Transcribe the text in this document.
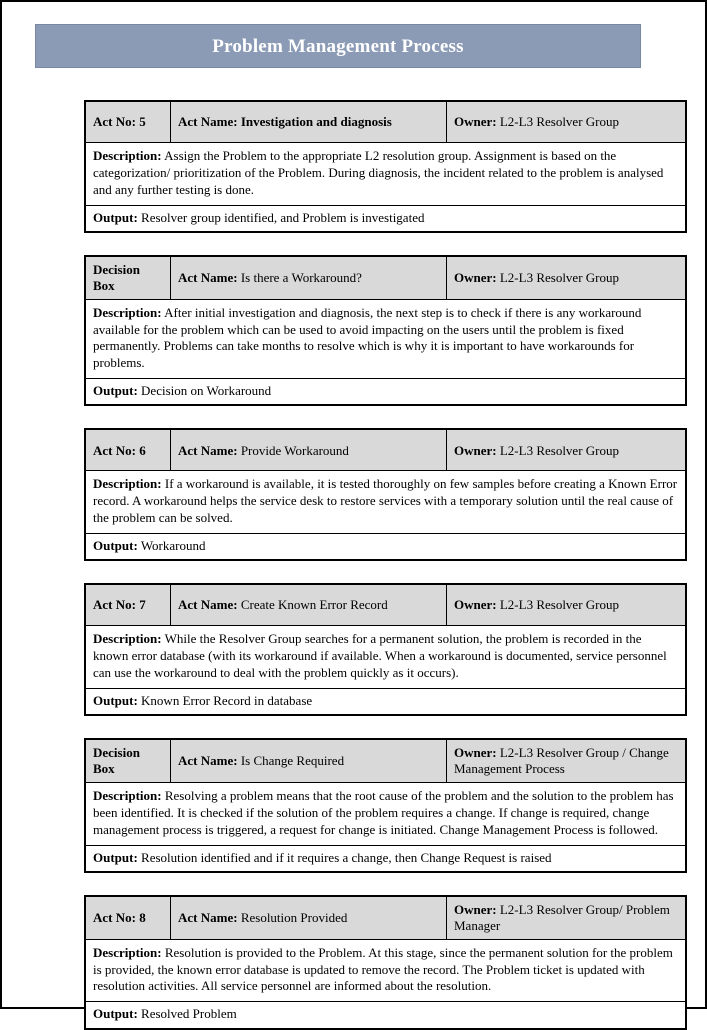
Problem Management Process
Act No: 5	Act Name: Investigation and diagnosis	Owner: L2-L3 Resolver Group
Description: Assign the Problem to the appropriate L2 resolution group. Assignment is based on the categorization/ prioritization of the Problem. During diagnosis, the incident related to the problem is analysed and any further testing is done.
Output: Resolver group identified, and Problem is investigated
Decision Box	Act Name: Is there a Workaround?	Owner: L2-L3 Resolver Group
Description: After initial investigation and diagnosis, the next step is to check if there is any workaround available for the problem which can be used to avoid impacting on the users until the problem is fixed permanently. Problems can take months to resolve which is why it is important to have workarounds for problems.
Output: Decision on Workaround
Act No: 6	Act Name: Provide Workaround	Owner: L2-L3 Resolver Group
Description: If a workaround is available, it is tested thoroughly on few samples before creating a Known Error record. A workaround helps the service desk to restore services with a temporary solution until the real cause of the problem can be solved.
Output: Workaround
Act No: 7	Act Name: Create Known Error Record	Owner: L2-L3 Resolver Group
Description: While the Resolver Group searches for a permanent solution, the problem is recorded in the known error database (with its workaround if available. When a workaround is documented, service personnel can use the workaround to deal with the problem quickly as it occurs).
Output: Known Error Record in database
Decision Box	Act Name: Is Change Required	Owner: L2-L3 Resolver Group / Change Management Process
Description: Resolving a problem means that the root cause of the problem and the solution to the problem has been identified. It is checked if the solution of the problem requires a change. If change is required, change management process is triggered, a request for change is initiated. Change Management Process is followed.
Output: Resolution identified and if it requires a change, then Change Request is raised
Act No: 8	Act Name: Resolution Provided	Owner: L2-L3 Resolver Group/ Problem Manager
Description: Resolution is provided to the Problem. At this stage, since the permanent solution for the problem is provided, the known error database is updated to remove the record. The Problem ticket is updated with resolution activities. All service personnel are informed about the resolution.
Output: Resolved Problem
